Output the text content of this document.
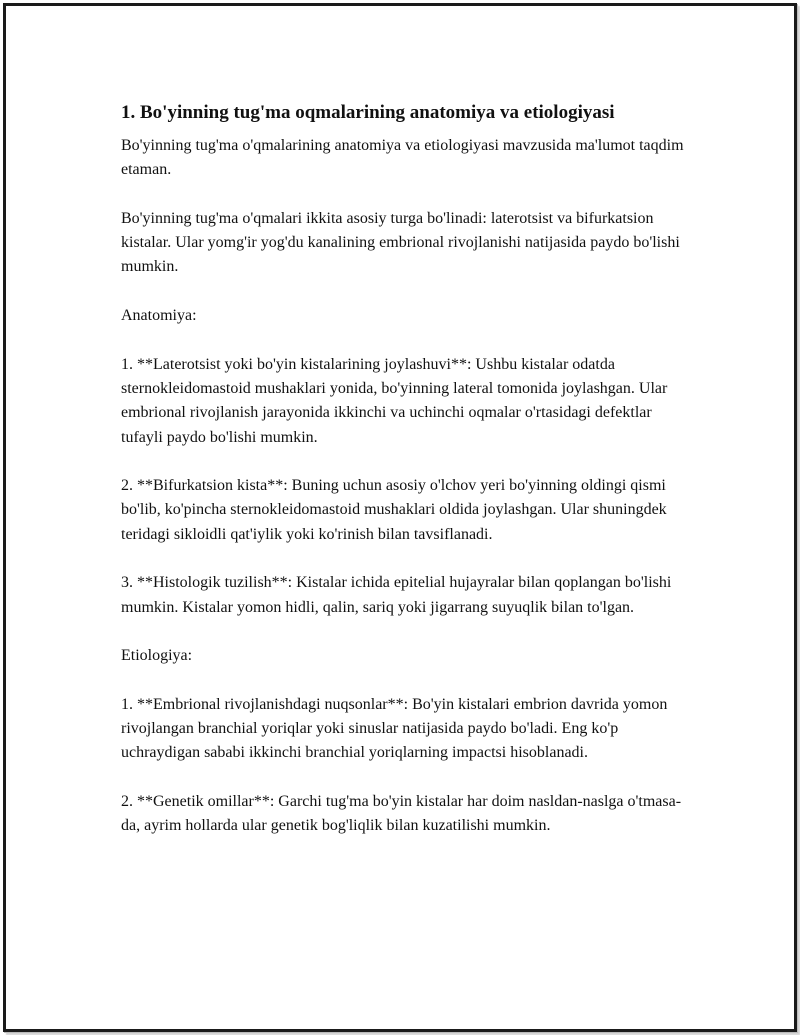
1. Bo'yinning tug'ma oqmalarining anatomiya va etiologiyasi

Bo'yinning tug'ma o'qmalarining anatomiya va etiologiyasi mavzusida ma'lumot taqdim etaman.

Bo'yinning tug'ma o'qmalari ikkita asosiy turga bo'linadi: laterotsist va bifurkatsion kistalar. Ular yomg'ir yog'du kanalining embrional rivojlanishi natijasida paydo bo'lishi mumkin.

Anatomiya:

1. **Laterotsist yoki bo'yin kistalarining joylashuvi**: Ushbu kistalar odatda sternokleidomastoid mushaklari yonida, bo'yinning lateral tomonida joylashgan. Ular embrional rivojlanish jarayonida ikkinchi va uchinchi oqmalar o'rtasidagi defektlar tufayli paydo bo'lishi mumkin.

2. **Bifurkatsion kista**: Buning uchun asosiy o'lchov yeri bo'yinning oldingi qismi bo'lib, ko'pincha sternokleidomastoid mushaklari oldida joylashgan. Ular shuningdek teridagi sikloidli qat'iylik yoki ko'rinish bilan tavsiflanadi.

3. **Histologik tuzilish**: Kistalar ichida epitelial hujayralar bilan qoplangan bo'lishi mumkin. Kistalar yomon hidli, qalin, sariq yoki jigarrang suyuqlik bilan to'lgan.

Etiologiya:

1. **Embrional rivojlanishdagi nuqsonlar**: Bo'yin kistalari embrion davrida yomon rivojlangan branchial yoriqlar yoki sinuslar natijasida paydo bo'ladi. Eng ko'p uchraydigan sababi ikkinchi branchial yoriqlarning impactsi hisoblanadi.

2. **Genetik omillar**: Garchi tug'ma bo'yin kistalar har doim nasldan-naslga o'tmasa-da, ayrim hollarda ular genetik bog'liqlik bilan kuzatilishi mumkin.
